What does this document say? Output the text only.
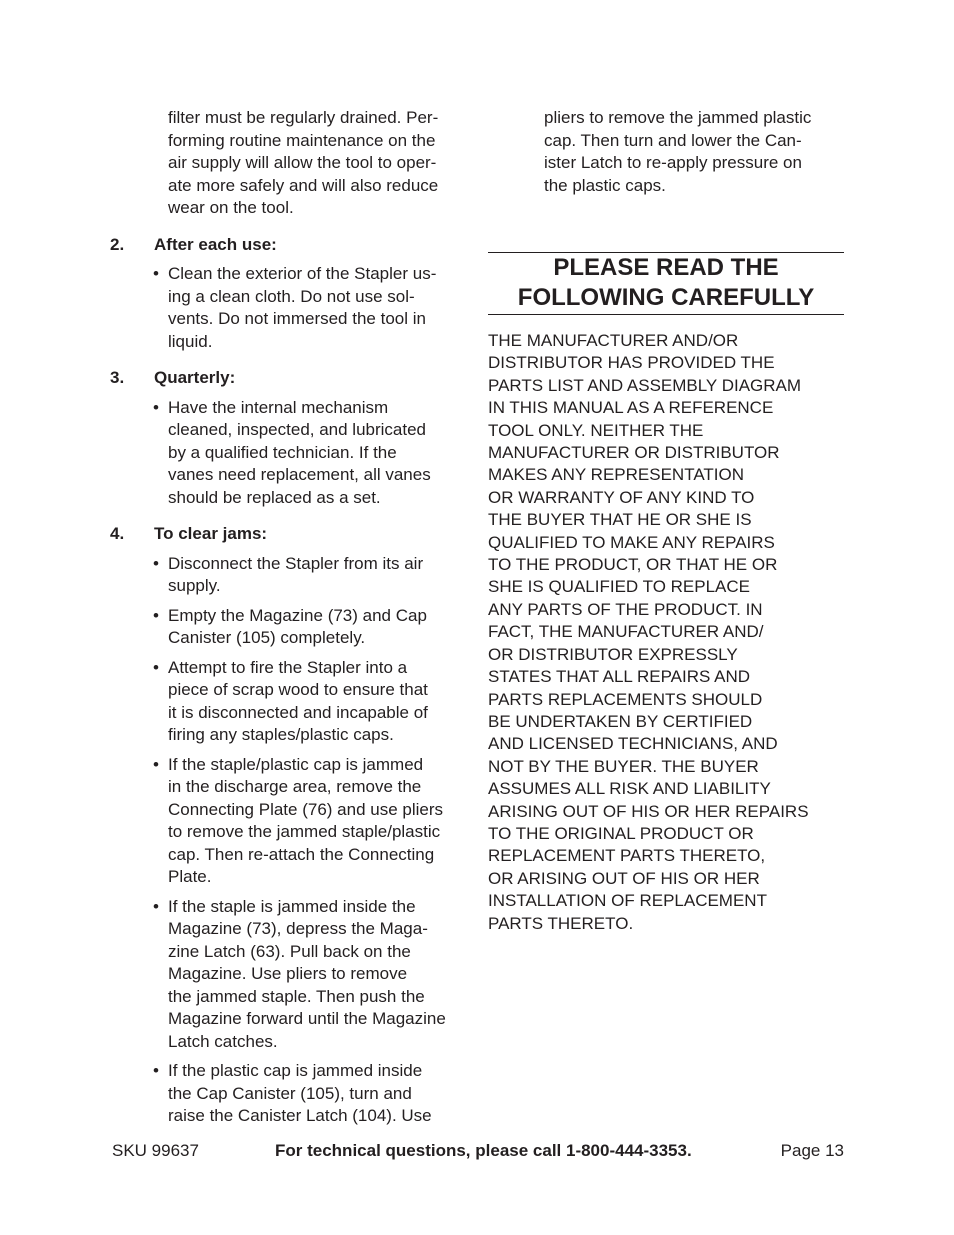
filter must be regularly drained. Per-
forming routine maintenance on the
air supply will allow the tool to oper-
ate more safely and will also reduce
wear on the tool.

2.	After each use:
• Clean the exterior of the Stapler us-
ing a clean cloth. Do not use sol-
vents. Do not immersed the tool in
liquid.
3.	Quarterly:
• Have the internal mechanism
cleaned, inspected, and lubricated
by a qualified technician. If the
vanes need replacement, all vanes
should be replaced as a set.
4.	To clear jams:
• Disconnect the Stapler from its air
supply.
• Empty the Magazine (73) and Cap
Canister (105) completely.
• Attempt to fire the Stapler into a
piece of scrap wood to ensure that
it is disconnected and incapable of
firing any staples/plastic caps.
• If the staple/plastic cap is jammed
in the discharge area, remove the
Connecting Plate (76) and use pliers
to remove the jammed staple/plastic
cap. Then re-attach the Connecting
Plate.
• If the staple is jammed inside the
Magazine (73), depress the Maga-
zine Latch (63). Pull back on the
Magazine. Use pliers to remove
the jammed staple. Then push the
Magazine forward until the Magazine
Latch catches.
• If the plastic cap is jammed inside
the Cap Canister (105), turn and
raise the Canister Latch (104). Use

pliers to remove the jammed plastic
cap. Then turn and lower the Can-
ister Latch to re-apply pressure on
the plastic caps.

PLEASE READ THE
FOLLOWING CAREFULLY
THE MANUFACTURER AND/OR
DISTRIBUTOR HAS PROVIDED THE
PARTS LIST AND ASSEMBLY DIAGRAM
IN THIS MANUAL AS A REFERENCE
TOOL ONLY. NEITHER THE
MANUFACTURER OR DISTRIBUTOR
MAKES ANY REPRESENTATION
OR WARRANTY OF ANY KIND TO
THE BUYER THAT HE OR SHE IS
QUALIFIED TO MAKE ANY REPAIRS
TO THE PRODUCT, OR THAT HE OR
SHE IS QUALIFIED TO REPLACE
ANY PARTS OF THE PRODUCT. IN
FACT, THE MANUFACTURER AND/
OR DISTRIBUTOR EXPRESSLY
STATES THAT ALL REPAIRS AND
PARTS REPLACEMENTS SHOULD
BE UNDERTAKEN BY CERTIFIED
AND LICENSED TECHNICIANS, AND
NOT BY THE BUYER. THE BUYER
ASSUMES ALL RISK AND LIABILITY
ARISING OUT OF HIS OR HER REPAIRS
TO THE ORIGINAL PRODUCT OR
REPLACEMENT PARTS THERETO,
OR ARISING OUT OF HIS OR HER
INSTALLATION OF REPLACEMENT
PARTS THERETO.
SKU 99637	For technical questions, please call 1-800-444-3353.	Page 13
